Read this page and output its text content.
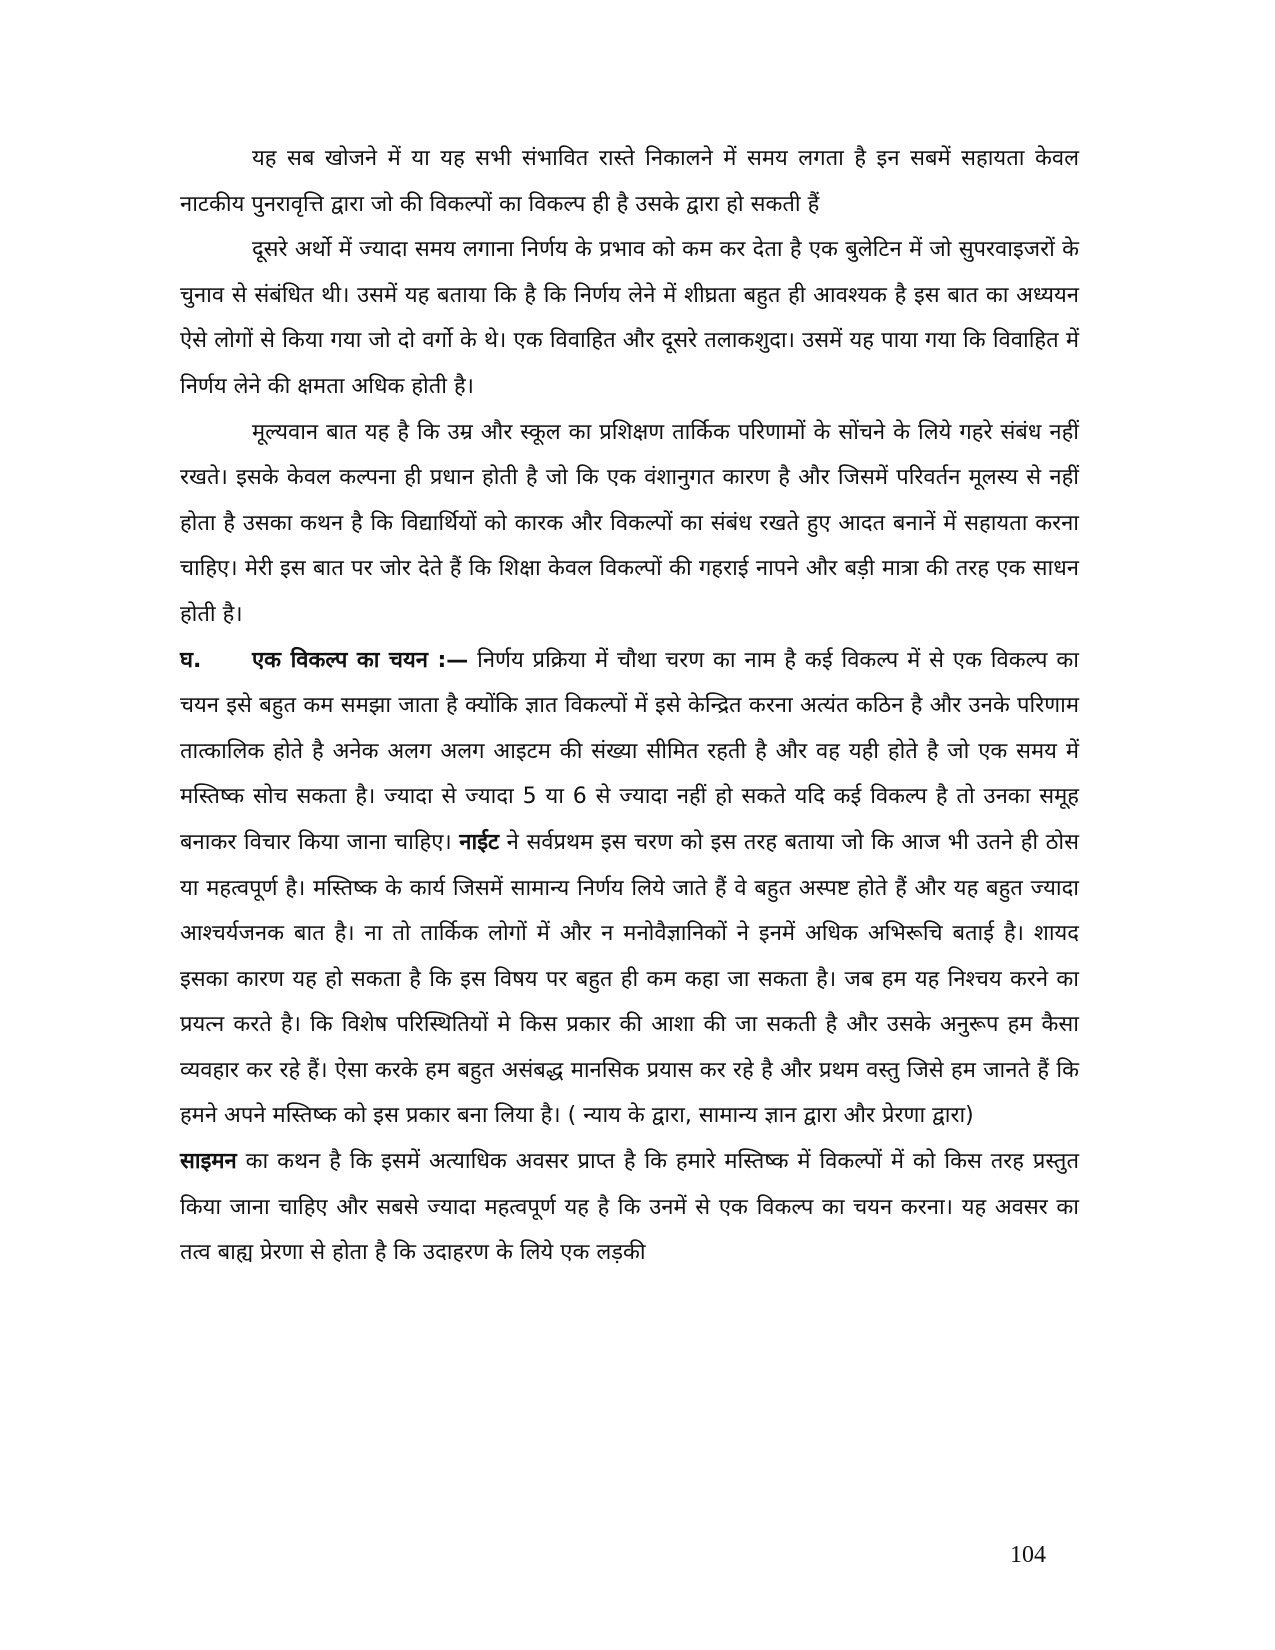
यह सब खोजने में या यह सभी संभावित रास्ते निकालने में समय लगता है इन सबमें सहायता केवल नाटकीय पुनरावृत्ति द्वारा जो की विकल्पों का विकल्प ही है उसके द्वारा हो सकती हैं

दूसरे अर्थो में ज्यादा समय लगाना निर्णय के प्रभाव को कम कर देता है एक बुलेटिन में जो सुपरवाइजरों के चुनाव से संबंधित थी। उसमें यह बताया कि है कि निर्णय लेने में शीघ्रता बहुत ही आवश्यक है इस बात का अध्ययन ऐसे लोगों से किया गया जो दो वर्गो के थे। एक विवाहित और दूसरे तलाकशुदा। उसमें यह पाया गया कि विवाहित में निर्णय लेने की क्षमता अधिक होती है।

मूल्यवान बात यह है कि उम्र और स्कूल का प्रशिक्षण तार्किक परिणामों के सोंचने के लिये गहरे संबंध नहीं रखते। इसके केवल कल्पना ही प्रधान होती है जो कि एक वंशानुगत कारण है और जिसमें परिवर्तन मूलस्य से नहीं होता है उसका कथन है कि विद्यार्थियों को कारक और विकल्पों का संबंध रखते हुए आदत बनानें में सहायता करना चाहिए। मेरी इस बात पर जोर देते हैं कि शिक्षा केवल विकल्पों की गहराई नापने और बड़ी मात्रा की तरह एक साधन होती है।

घ. एक विकल्प का चयन :— निर्णय प्रक्रिया में चौथा चरण का नाम है कई विकल्प में से एक विकल्प का चयन इसे बहुत कम समझा जाता है क्योंकि ज्ञात विकल्पों में इसे केन्द्रित करना अत्यंत कठिन है और उनके परिणाम तात्कालिक होते है अनेक अलग अलग आइटम की संख्या सीमित रहती है और वह यही होते है जो एक समय में मस्तिष्क सोच सकता है। ज्यादा से ज्यादा 5 या 6 से ज्यादा नहीं हो सकते यदि कई विकल्प है तो उनका समूह बनाकर विचार किया जाना चाहिए। नाईट ने सर्वप्रथम इस चरण को इस तरह बताया जो कि आज भी उतने ही ठोस या महत्वपूर्ण है। मस्तिष्क के कार्य जिसमें सामान्य निर्णय लिये जाते हैं वे बहुत अस्पष्ट होते हैं और यह बहुत ज्यादा आश्चर्यजनक बात है। ना तो तार्किक लोगों में और न मनोवैज्ञानिकों ने इनमें अधिक अभिरूचि बताई है। शायद इसका कारण यह हो सकता है कि इस विषय पर बहुत ही कम कहा जा सकता है। जब हम यह निश्चय करने का प्रयत्न करते है। कि विशेष परिस्थितियों मे किस प्रकार की आशा की जा सकती है और उसके अनुरूप हम कैसा व्यवहार कर रहे हैं। ऐसा करके हम बहुत असंबद्ध मानसिक प्रयास कर रहे है और प्रथम वस्तु जिसे हम जानते हैं कि हमने अपने मस्तिष्क को इस प्रकार बना लिया है। ( न्याय के द्वारा, सामान्य ज्ञान द्वारा और प्रेरणा द्वारा)

साइमन का कथन है कि इसमें अत्याधिक अवसर प्राप्त है कि हमारे मस्तिष्क में विकल्पों में को किस तरह प्रस्तुत किया जाना चाहिए और सबसे ज्यादा महत्वपूर्ण यह है कि उनमें से एक विकल्प का चयन करना। यह अवसर का तत्व बाह्य प्रेरणा से होता है कि उदाहरण के लिये एक लड़की

104
